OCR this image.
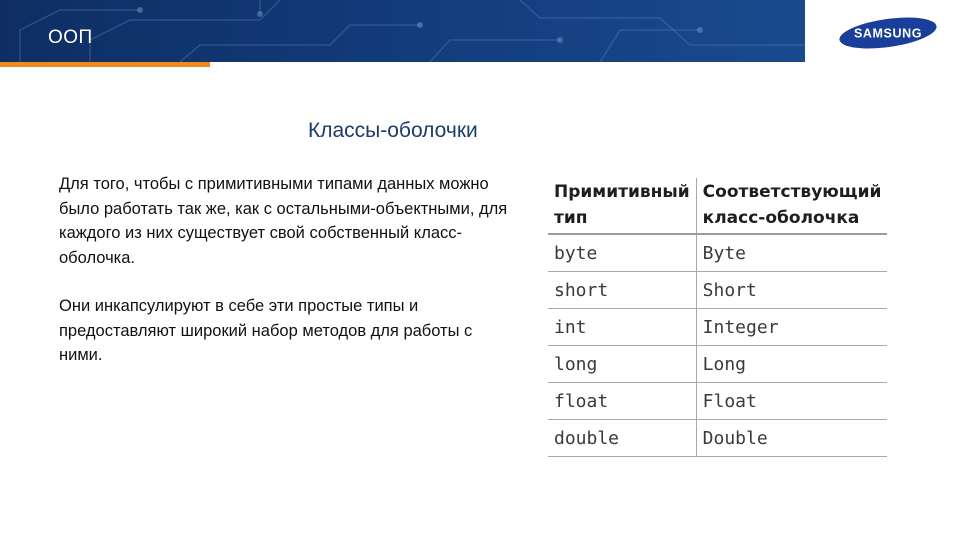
ООП	SAMSUNG
Классы-оболочки

Для того, чтобы с примитивными типами данных можно было работать так же, как с остальными-объектными, для каждого из них существует свой собственный класс-оболочка.

Они инкапсулируют в себе эти простые типы и предоставляют широкий набор методов для работы с ними.

Примитивный тип	Соответствующий класс-оболочка
byte	Byte
short	Short
int	Integer
long	Long
float	Float
double	Double
